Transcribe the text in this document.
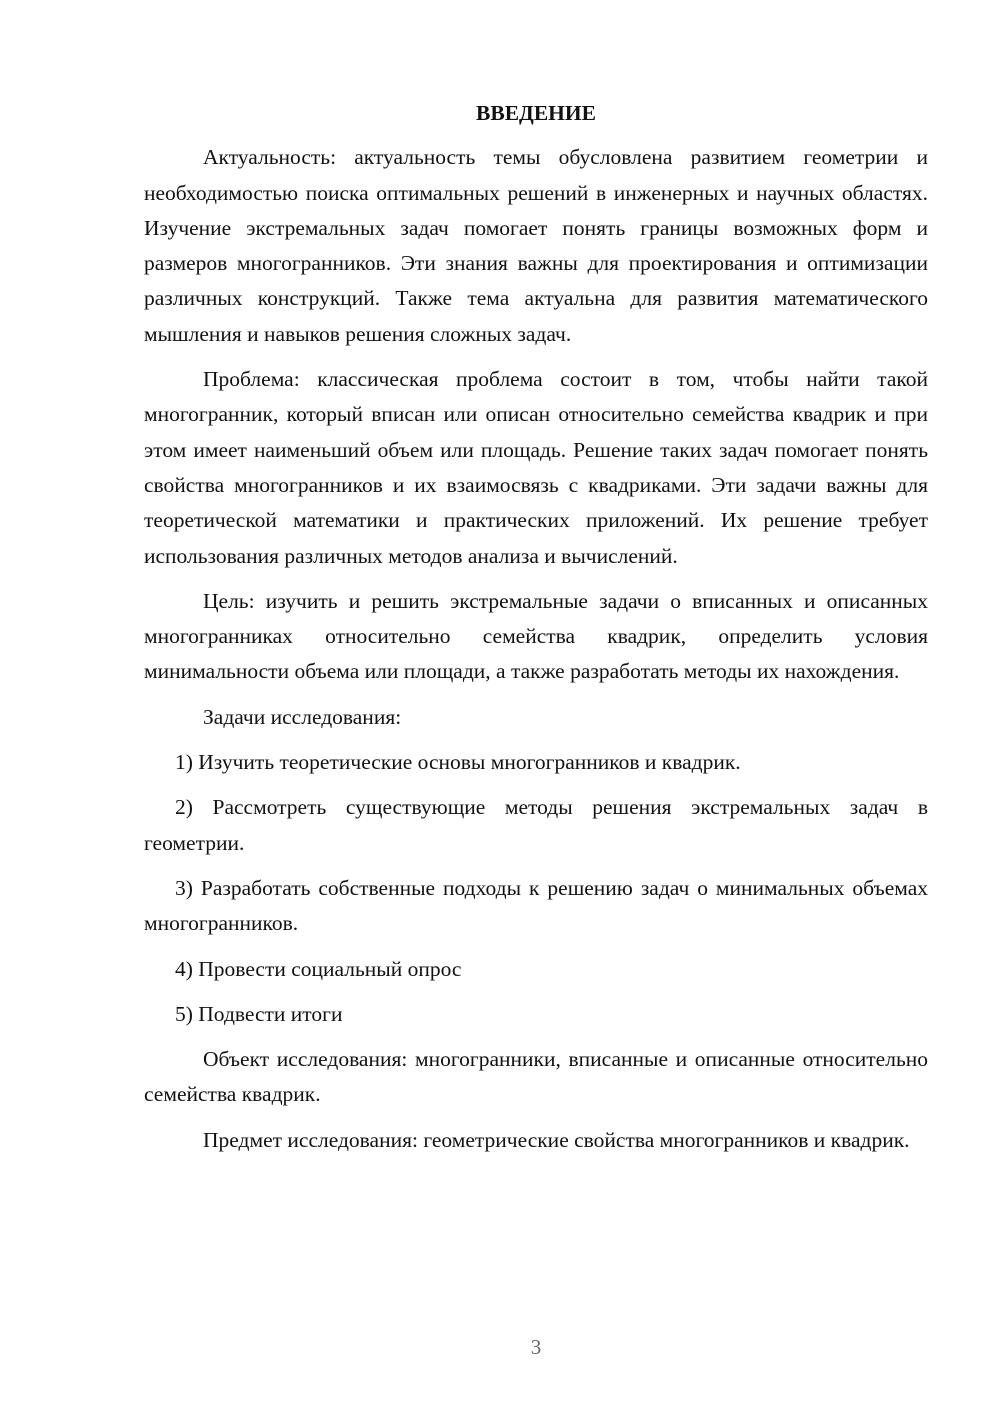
ВВЕДЕНИЕ

Актуальность: актуальность темы обусловлена развитием геометрии и необходимостью поиска оптимальных решений в инженерных и научных областях. Изучение экстремальных задач помогает понять границы возможных форм и размеров многогранников. Эти знания важны для проектирования и оптимизации различных конструкций. Также тема актуальна для развития математического мышления и навыков решения сложных задач.

Проблема: классическая проблема состоит в том, чтобы найти такой многогранник, который вписан или описан относительно семейства квадрик и при этом имеет наименьший объем или площадь. Решение таких задач помогает понять свойства многогранников и их взаимосвязь с квадриками. Эти задачи важны для теоретической математики и практических приложений. Их решение требует использования различных методов анализа и вычислений.

Цель: изучить и решить экстремальные задачи о вписанных и описанных многогранниках относительно семейства квадрик, определить условия минимальности объема или площади, а также разработать методы их нахождения.

Задачи исследования:

1) Изучить теоретические основы многогранников и квадрик.

2) Рассмотреть существующие методы решения экстремальных задач в геометрии.

3) Разработать собственные подходы к решению задач о минимальных объемах многогранников.

4) Провести социальный опрос

5) Подвести итоги

Объект исследования: многогранники, вписанные и описанные относительно семейства квадрик.

Предмет исследования: геометрические свойства многогранников и квадрик.

3
